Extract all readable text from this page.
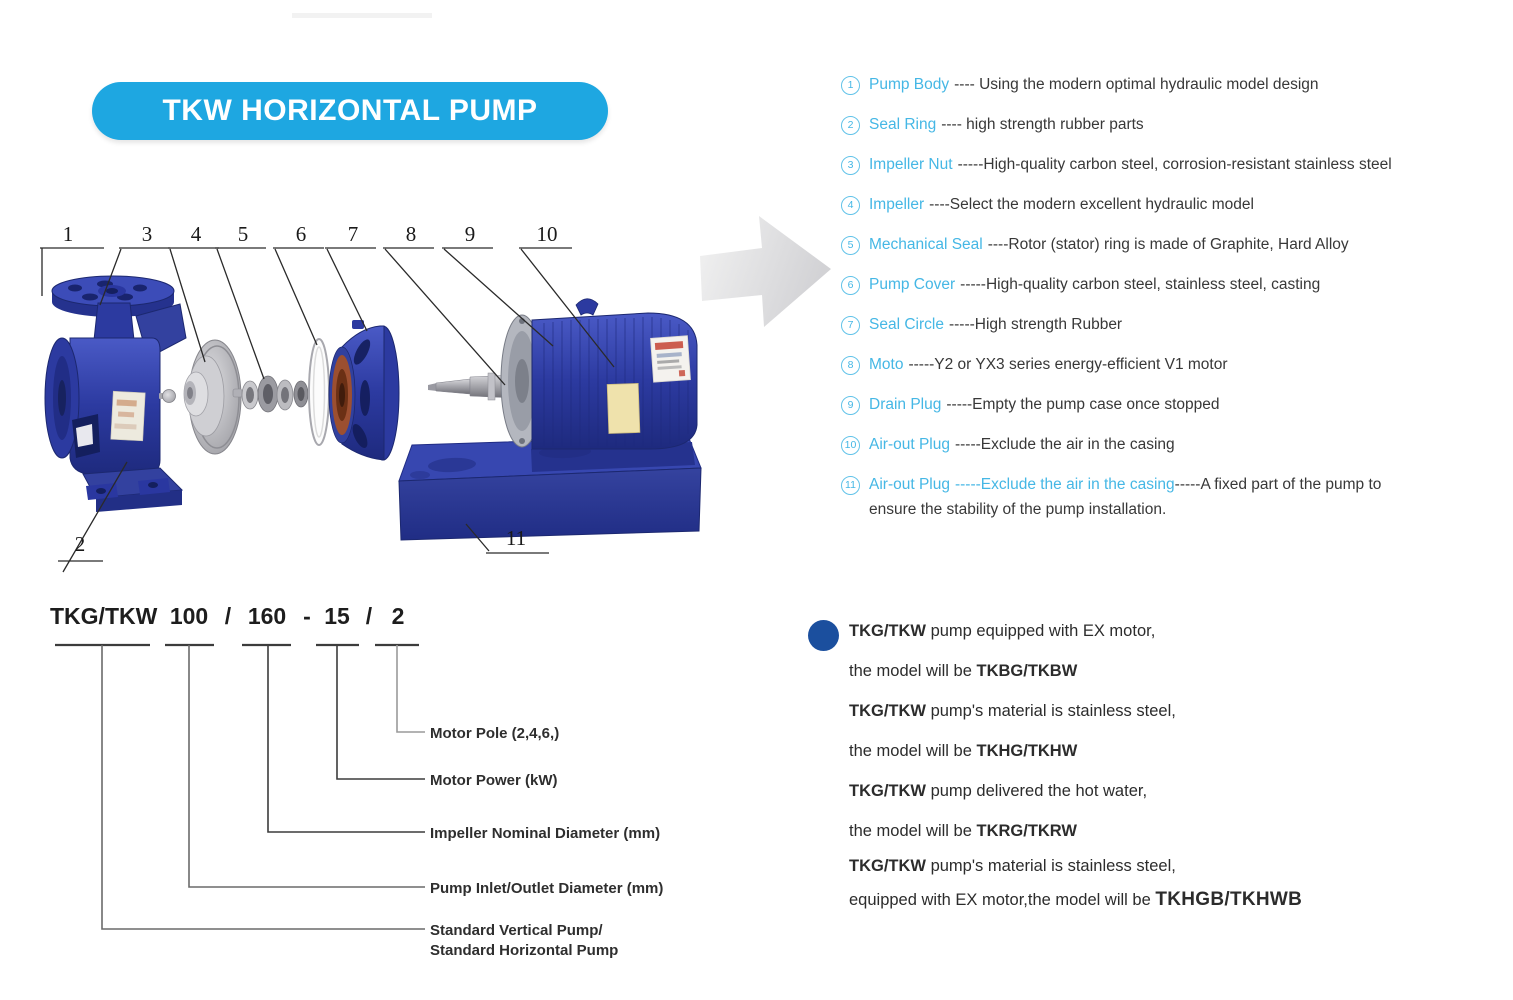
1	3 4 5 6 7 8 9	10
2	11
TKW HORIZONTAL PUMP
1	Pump Body ---- Using the modern optimal hydraulic model design
2	Seal Ring ---- high strength rubber parts
3	Impeller Nut -----High-quality carbon steel, corrosion-resistant stainless steel
4	Impeller ----Select the modern excellent hydraulic model
5	Mechanical Seal ----Rotor (stator) ring is made of Graphite, Hard Alloy
6	Pump Cover -----High-quality carbon steel, stainless steel, casting
7	Seal Circle -----High strength Rubber
8	Moto -----Y2 or YX3 series energy-efficient V1 motor
9	Drain Plug -----Empty the pump case once stopped
10 Air-out Plug -----Exclude the air in the casing
11 Air-out Plug -----Exclude the air in the casing-----A fixed part of the pump to
ensure the stability of the pump installation.
TKG/TKW 100 / 160 - 15 / 2
Motor Pole (2,4,6,)
Motor Power (kW)
Impeller Nominal Diameter (mm)
Pump Inlet/Outlet Diameter (mm)
Standard Vertical Pump/
Standard Horizontal Pump
TKG/TKW pump equipped with EX motor,
the model will be TKBG/TKBW
TKG/TKW pump's material is stainless steel,
the model will be TKHG/TKHW
TKG/TKW pump delivered the hot water,
the model will be TKRG/TKRW
TKG/TKW pump's material is stainless steel,
equipped with EX motor,the model will be TKHGB/TKHWB
